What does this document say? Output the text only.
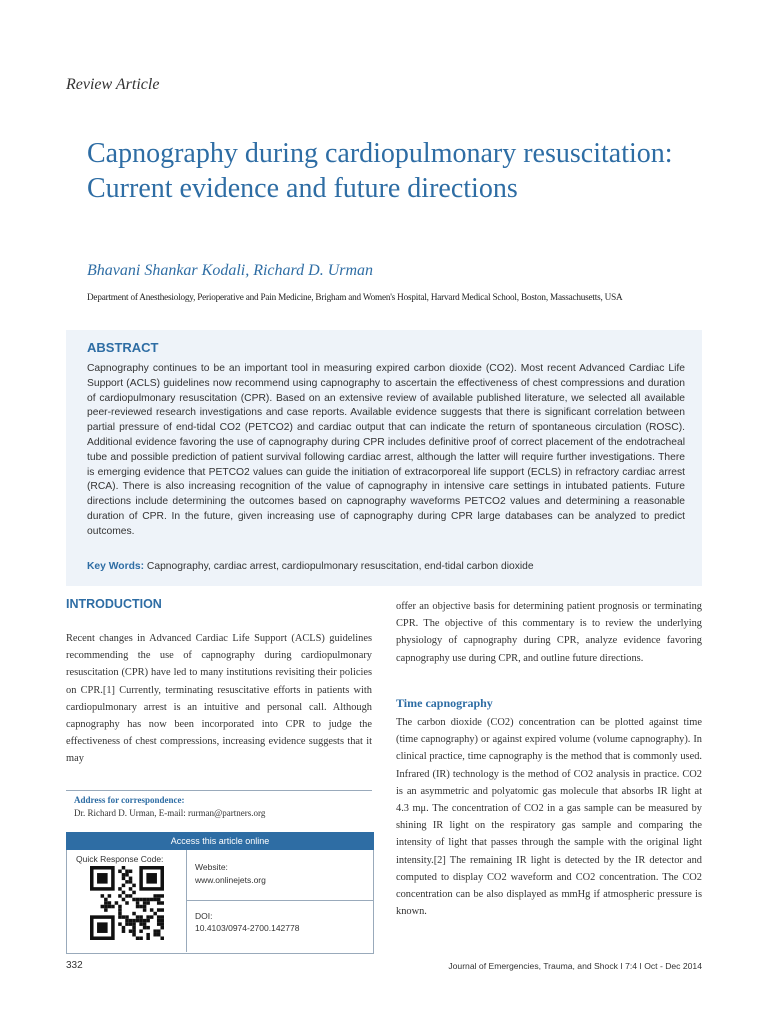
Review Article
Capnography during cardiopulmonary resuscitation: Current evidence and future directions
Bhavani Shankar Kodali, Richard D. Urman
Department of Anesthesiology, Perioperative and Pain Medicine, Brigham and Women's Hospital, Harvard Medical School, Boston, Massachusetts, USA
ABSTRACT
Capnography continues to be an important tool in measuring expired carbon dioxide (CO2). Most recent Advanced Cardiac Life Support (ACLS) guidelines now recommend using capnography to ascertain the effectiveness of chest compressions and duration of cardiopulmonary resuscitation (CPR). Based on an extensive review of available published literature, we selected all available peer-reviewed research investigations and case reports. Available evidence suggests that there is significant correlation between partial pressure of end-tidal CO2 (PETCO2) and cardiac output that can indicate the return of spontaneous circulation (ROSC). Additional evidence favoring the use of capnography during CPR includes definitive proof of correct placement of the endotracheal tube and possible prediction of patient survival following cardiac arrest, although the latter will require further investigations. There is emerging evidence that PETCO2 values can guide the initiation of extracorporeal life support (ECLS) in refractory cardiac arrest (RCA). There is also increasing recognition of the value of capnography in intensive care settings in intubated patients. Future directions include determining the outcomes based on capnography waveforms PETCO2 values and determining a reasonable duration of CPR. In the future, given increasing use of capnography during CPR large databases can be analyzed to predict outcomes.
Key Words: Capnography, cardiac arrest, cardiopulmonary resuscitation, end-tidal carbon dioxide
INTRODUCTION
Recent changes in Advanced Cardiac Life Support (ACLS) guidelines recommending the use of capnography during cardiopulmonary resuscitation (CPR) have led to many institutions revisiting their policies on CPR.[1] Currently, terminating resuscitative efforts in patients with cardiopulmonary arrest is an intuitive and personal call. Although capnography has now been incorporated into CPR to judge the effectiveness of chest compressions, increasing evidence suggests that it may
offer an objective basis for determining patient prognosis or terminating CPR. The objective of this commentary is to review the underlying physiology of capnography during CPR, analyze evidence favoring capnography use during CPR, and outline future directions.
Time capnography
The carbon dioxide (CO2) concentration can be plotted against time (time capnography) or against expired volume (volume capnography). In clinical practice, time capnography is the method that is commonly used. Infrared (IR) technology is the method of CO2 analysis in practice. CO2 is an asymmetric and polyatomic gas molecule that absorbs IR light at 4.3 mμ. The concentration of CO2 in a gas sample can be measured by shining IR light on the respiratory gas sample and comparing the intensity of light that passes through the sample with the original light intensity.[2] The remaining IR light is detected by the IR detector and computed to display CO2 waveform and CO2 concentration. The CO2 concentration can be also displayed as mmHg if atmospheric pressure is known.
Address for correspondence:
Dr. Richard D. Urman, E-mail: rurman@partners.org
Access this article online
Quick Response Code:
Website:
www.onlinejets.org
DOI:
10.4103/0974-2700.142778
332	Journal of Emergencies, Trauma, and Shock I 7:4 I Oct - Dec 2014
